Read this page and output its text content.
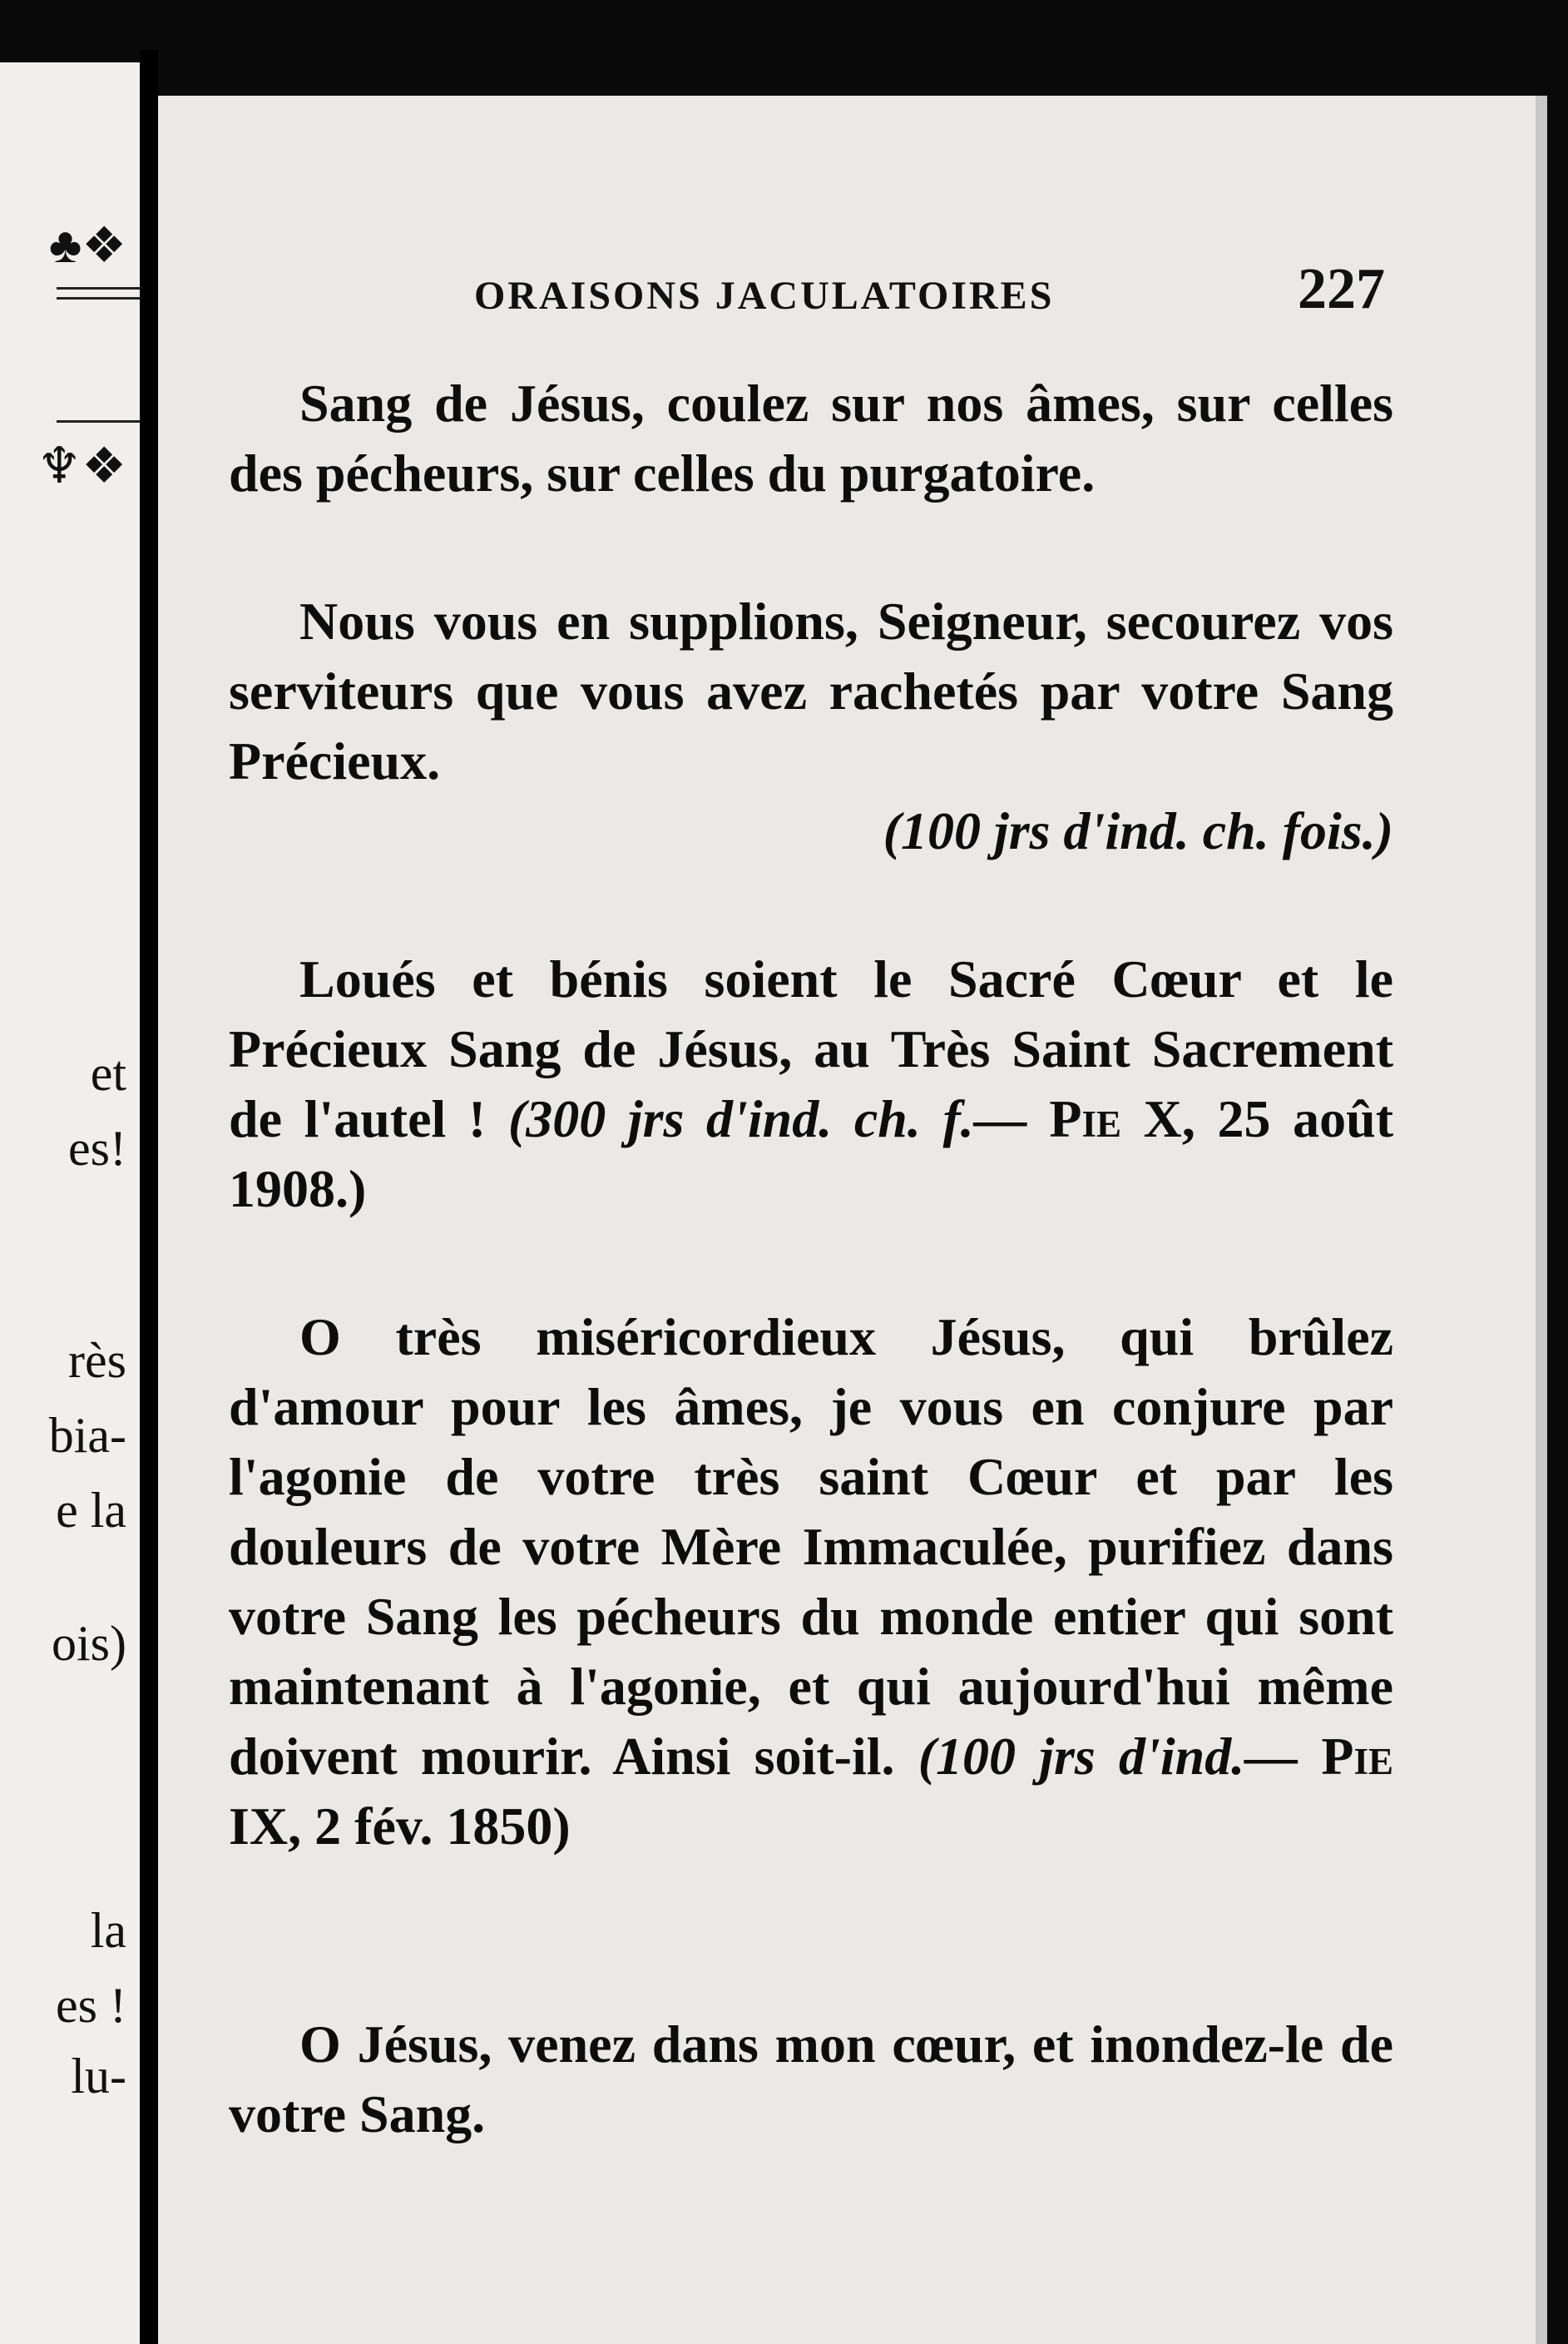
♣❖
♆❖
et
es!
rès
bia-
e la
ois)
la
es !
lu-
ORAISONS JACULATOIRES	227

Sang de Jésus, coulez sur nos âmes, sur celles des pécheurs, sur celles du purgatoire.

Nous vous en supplions, Seigneur, secourez vos serviteurs que vous avez rachetés par votre Sang Précieux.

(100 jrs d'ind. ch. fois.)

Loués et bénis soient le Sacré Cœur et le Précieux Sang de Jésus, au Très Saint Sacrement de l'autel ! (300 jrs d'ind. ch. f.— Pie X, 25 août 1908.)

O très miséricordieux Jésus, qui brûlez d'amour pour les âmes, je vous en conjure par l'agonie de votre très saint Cœur et par les douleurs de votre Mère Immaculée, purifiez dans votre Sang les pécheurs du monde entier qui sont maintenant à l'agonie, et qui aujourd'hui même doivent mourir. Ainsi soit-il. (100 jrs d'ind.— Pie IX, 2 fév. 1850)

O Jésus, venez dans mon cœur, et inondez-le de votre Sang.
